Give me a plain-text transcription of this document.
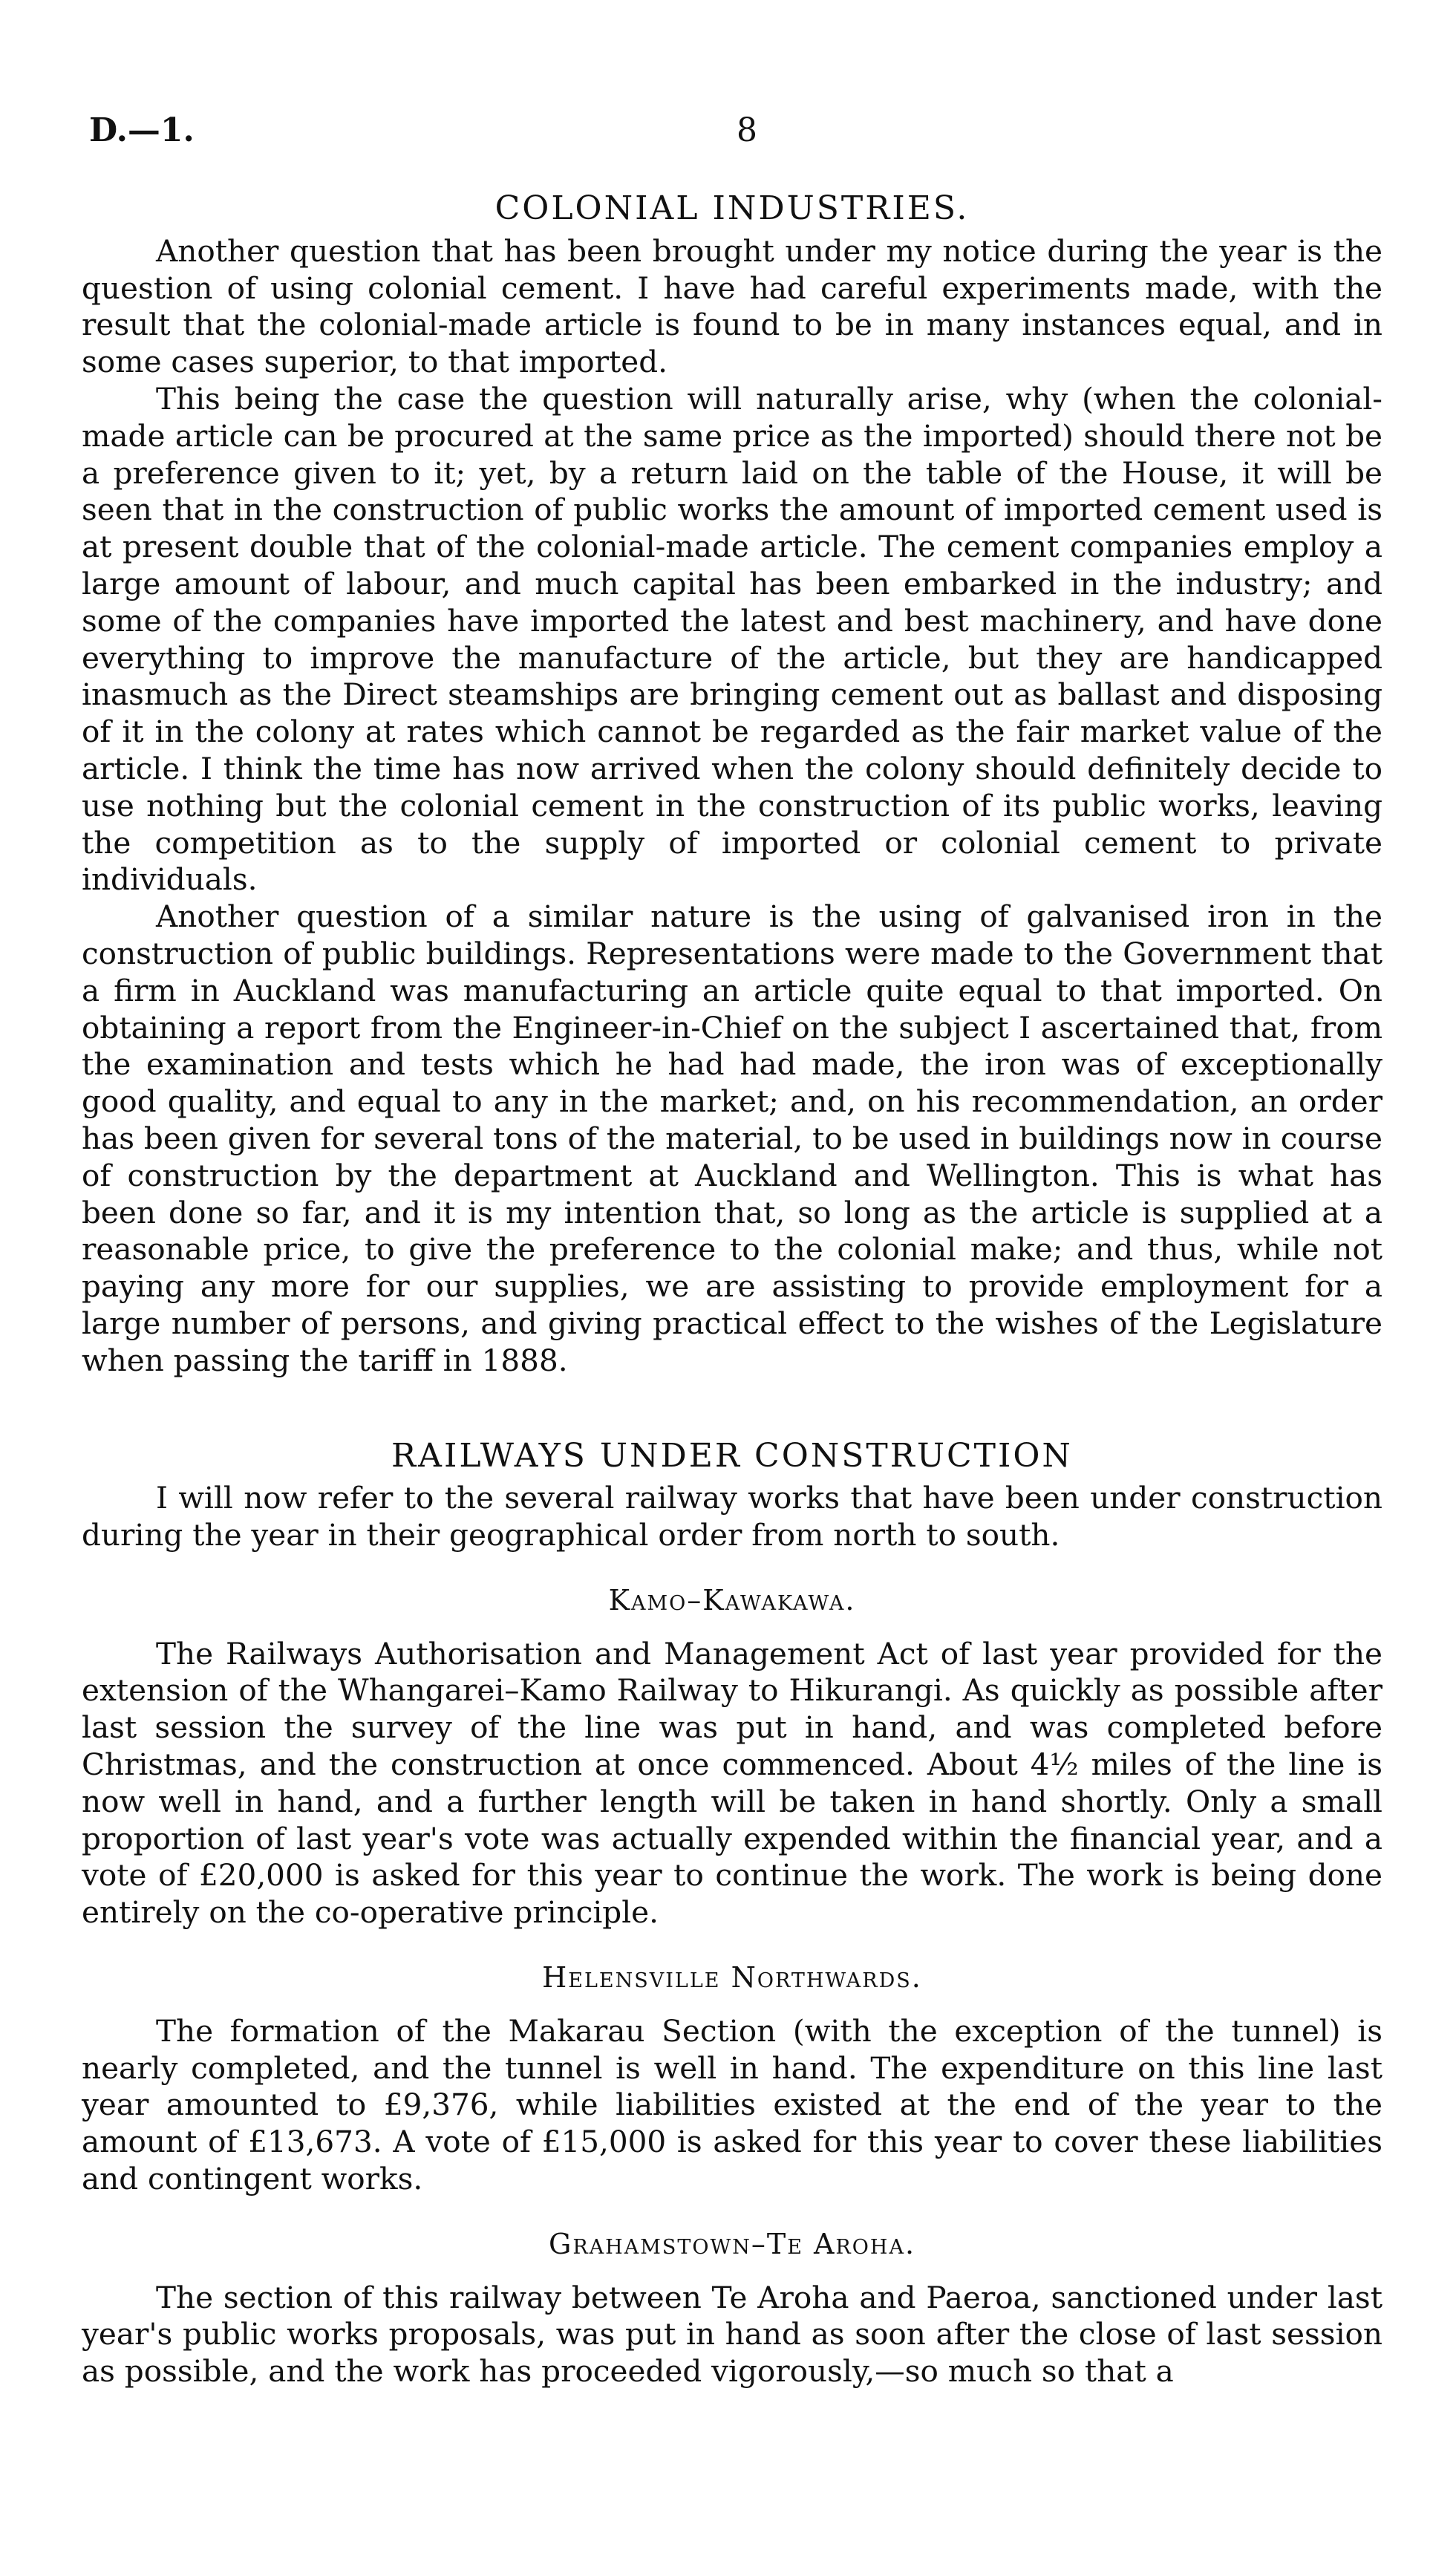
D.—1.	8
COLONIAL INDUSTRIES.

Another question that has been brought under my notice during the year is the question of using colonial cement. I have had careful experiments made, with the result that the colonial-made article is found to be in many instances equal, and in some cases superior, to that imported.

This being the case the question will naturally arise, why (when the colonial-made article can be procured at the same price as the imported) should there not be a preference given to it; yet, by a return laid on the table of the House, it will be seen that in the construction of public works the amount of imported cement used is at present double that of the colonial-made article. The cement companies employ a large amount of labour, and much capital has been embarked in the industry; and some of the companies have imported the latest and best machinery, and have done everything to improve the manufacture of the article, but they are handicapped inasmuch as the Direct steamships are bringing cement out as ballast and disposing of it in the colony at rates which cannot be regarded as the fair market value of the article. I think the time has now arrived when the colony should definitely decide to use nothing but the colonial cement in the construction of its public works, leaving the competition as to the supply of imported or colonial cement to private individuals.

Another question of a similar nature is the using of galvanised iron in the construction of public buildings. Representations were made to the Government that a firm in Auckland was manufacturing an article quite equal to that imported. On obtaining a report from the Engineer-in-Chief on the subject I ascertained that, from the examination and tests which he had had made, the iron was of exceptionally good quality, and equal to any in the market; and, on his recommendation, an order has been given for several tons of the material, to be used in buildings now in course of construction by the department at Auckland and Wellington. This is what has been done so far, and it is my intention that, so long as the article is supplied at a reasonable price, to give the preference to the colonial make; and thus, while not paying any more for our supplies, we are assisting to provide employment for a large number of persons, and giving practical effect to the wishes of the Legislature when passing the tariff in 1888.

RAILWAYS UNDER CONSTRUCTION

I will now refer to the several railway works that have been under construction during the year in their geographical order from north to south.

Kamo–Kawakawa.

The Railways Authorisation and Management Act of last year provided for the extension of the Whangarei–Kamo Railway to Hikurangi. As quickly as possible after last session the survey of the line was put in hand, and was completed before Christmas, and the construction at once commenced. About 4½ miles of the line is now well in hand, and a further length will be taken in hand shortly. Only a small proportion of last year's vote was actually expended within the financial year, and a vote of £20,000 is asked for this year to continue the work. The work is being done entirely on the co-operative principle.

Helensville Northwards.

The formation of the Makarau Section (with the exception of the tunnel) is nearly completed, and the tunnel is well in hand. The expenditure on this line last year amounted to £9,376, while liabilities existed at the end of the year to the amount of £13,673. A vote of £15,000 is asked for this year to cover these liabilities and contingent works.

Grahamstown–Te Aroha.

The section of this railway between Te Aroha and Paeroa, sanctioned under last year's public works proposals, was put in hand as soon after the close of last session as possible, and the work has proceeded vigorously,—so much so that a
